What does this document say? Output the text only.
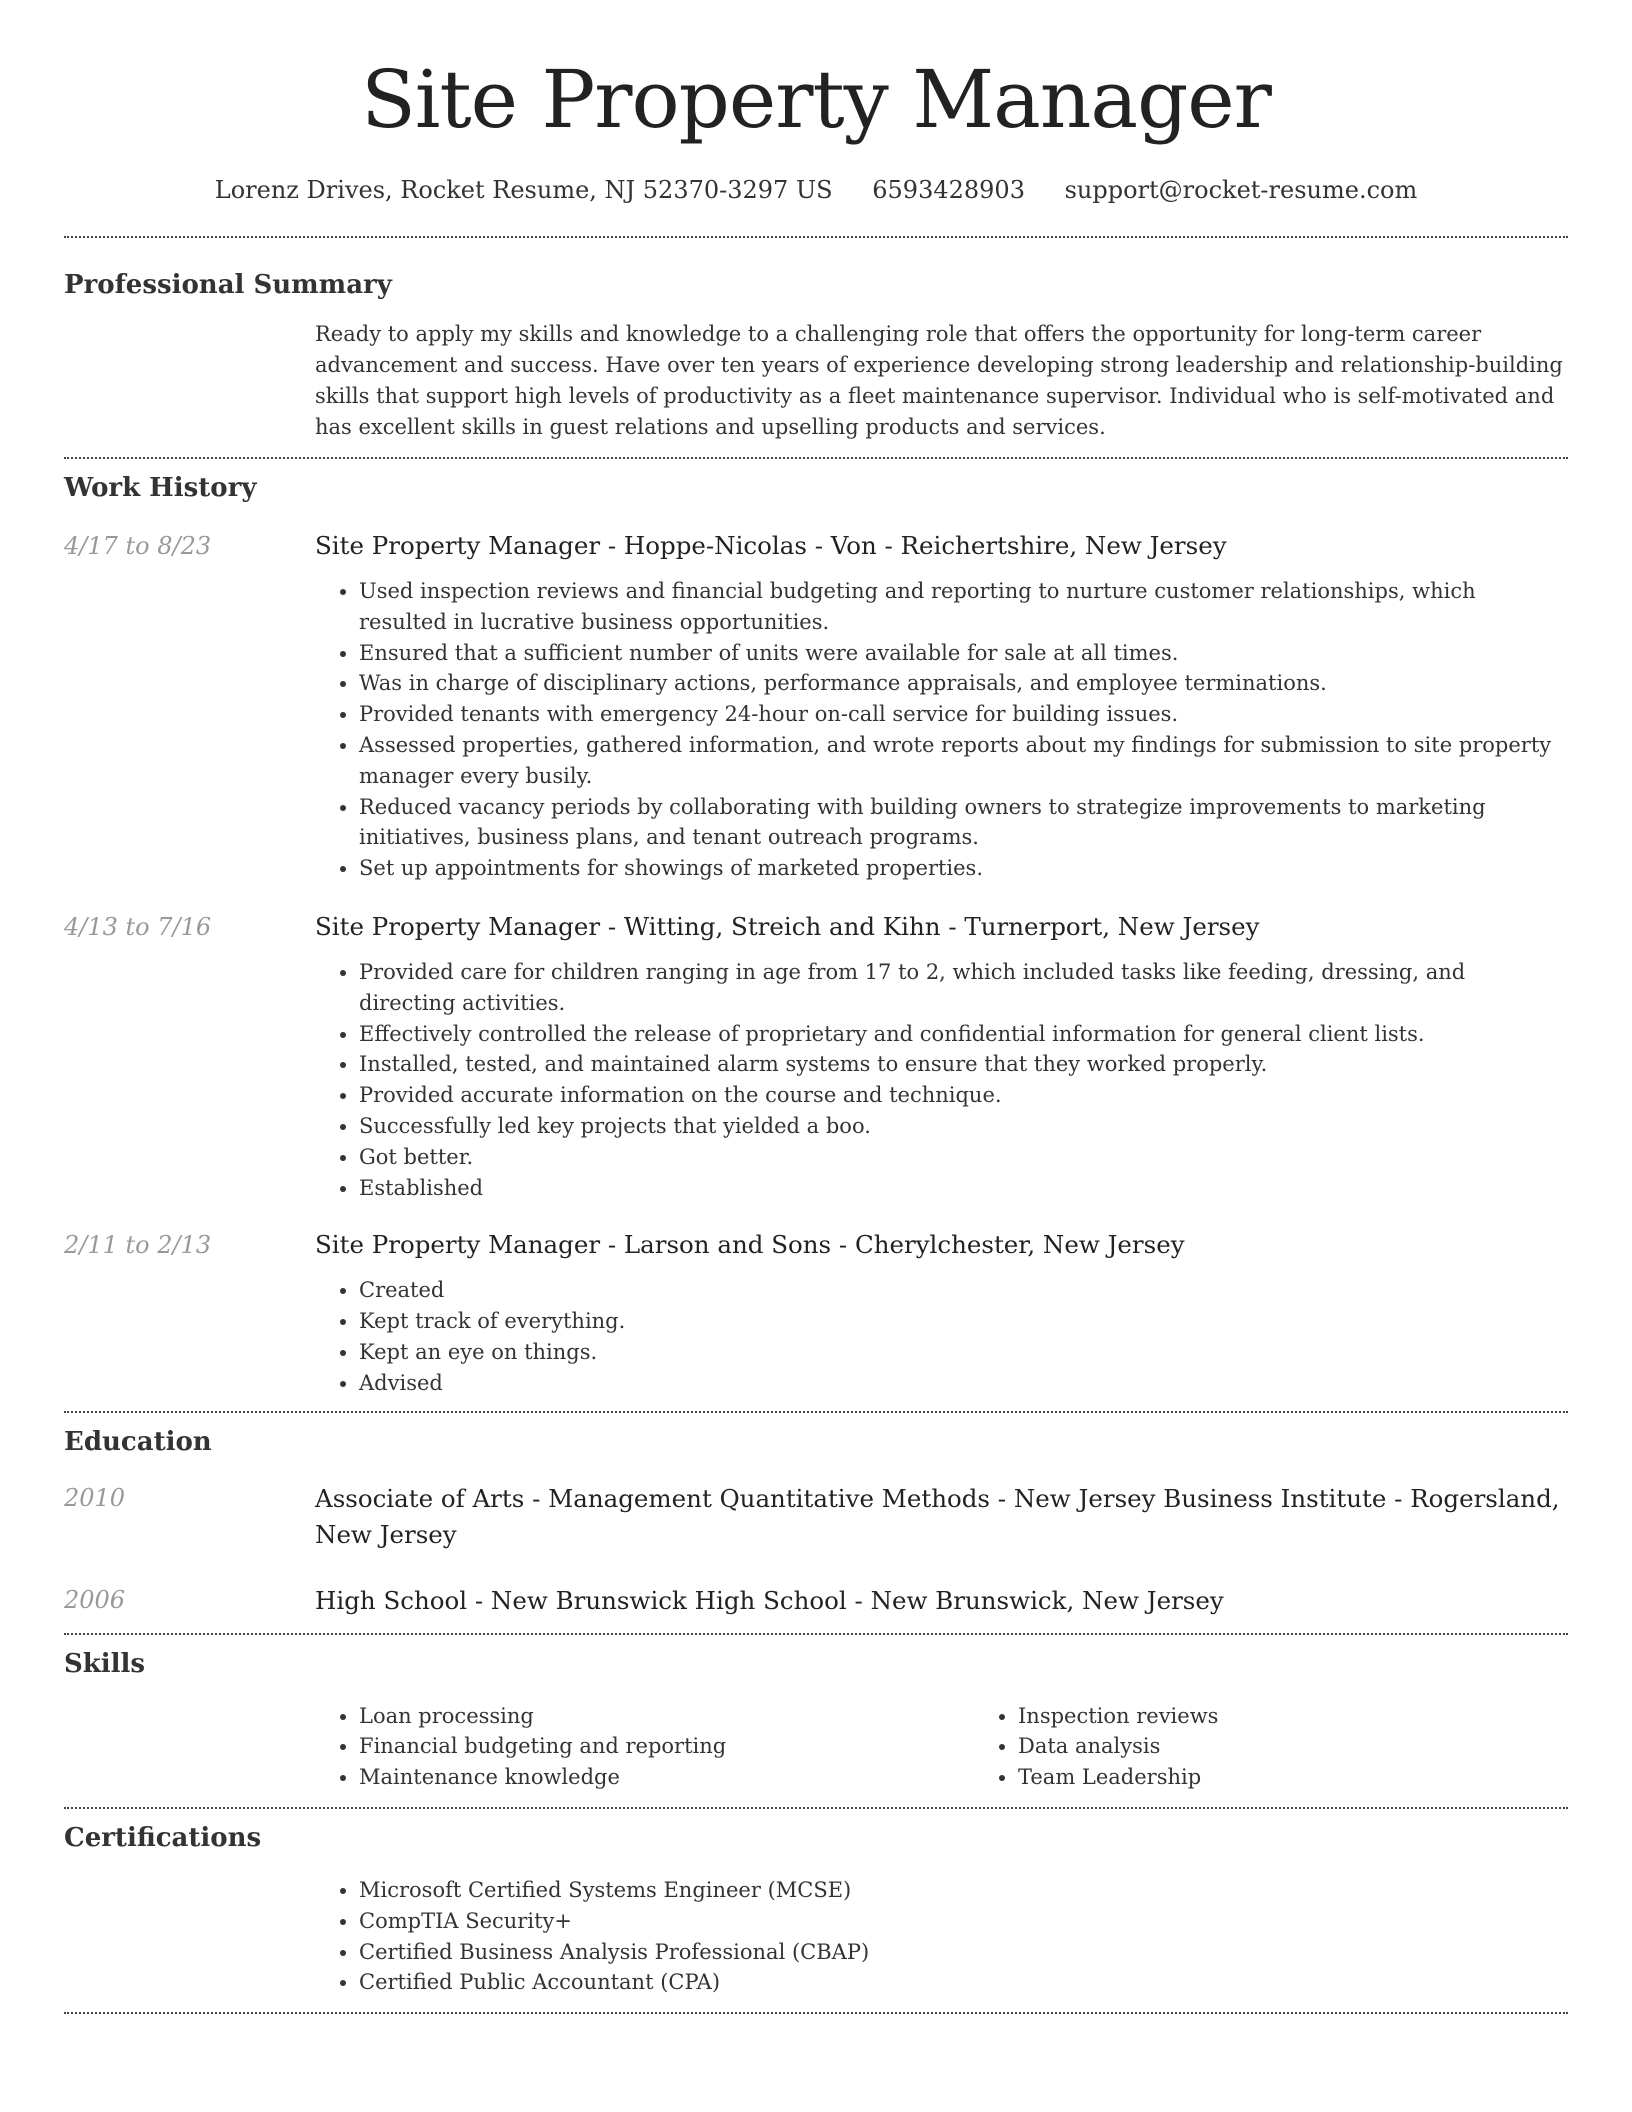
Site Property Manager
Lorenz Drives, Rocket Resume, NJ 52370-3297 US 6593428903 support@rocket-resume.com
Professional Summary

Ready to apply my skills and knowledge to a challenging role that offers the opportunity for long-term career advancement and success. Have over ten years of experience developing strong leadership and relationship-building skills that support high levels of productivity as a fleet maintenance supervisor. Individual who is self-motivated and has excellent skills in guest relations and upselling products and services.

Work History
4/17 to 8/23	Site Property Manager - Hoppe-Nicolas - Von - Reichertshire, New Jersey

• Used inspection reviews and financial budgeting and reporting to nurture customer relationships, which resulted in lucrative business opportunities.
• Ensured that a sufficient number of units were available for sale at all times.
• Was in charge of disciplinary actions, performance appraisals, and employee terminations.
• Provided tenants with emergency 24-hour on-call service for building issues.
• Assessed properties, gathered information, and wrote reports about my findings for submission to site property manager every busily.
• Reduced vacancy periods by collaborating with building owners to strategize improvements to marketing initiatives, business plans, and tenant outreach programs.
• Set up appointments for showings of marketed properties.
4/13 to 7/16	Site Property Manager - Witting, Streich and Kihn - Turnerport, New Jersey

• Provided care for children ranging in age from 17 to 2, which included tasks like feeding, dressing, and directing activities.
• Effectively controlled the release of proprietary and confidential information for general client lists.
• Installed, tested, and maintained alarm systems to ensure that they worked properly.
• Provided accurate information on the course and technique.
• Successfully led key projects that yielded a boo.
• Got better.
• Established
2/11 to 2/13	Site Property Manager - Larson and Sons - Cherylchester, New Jersey

• Created
• Kept track of everything.
• Kept an eye on things.
• Advised
Education
2010	Associate of Arts - Management Quantitative Methods - New Jersey Business Institute - Rogersland, New Jersey

2006	High School - New Brunswick High School - New Brunswick, New Jersey

Skills
• Loan processing
• Financial budgeting and reporting
• Maintenance knowledge
• Inspection reviews
• Data analysis
• Team Leadership
Certifications
• Microsoft Certified Systems Engineer (MCSE)
• CompTIA Security+
• Certified Business Analysis Professional (CBAP)
• Certified Public Accountant (CPA)
